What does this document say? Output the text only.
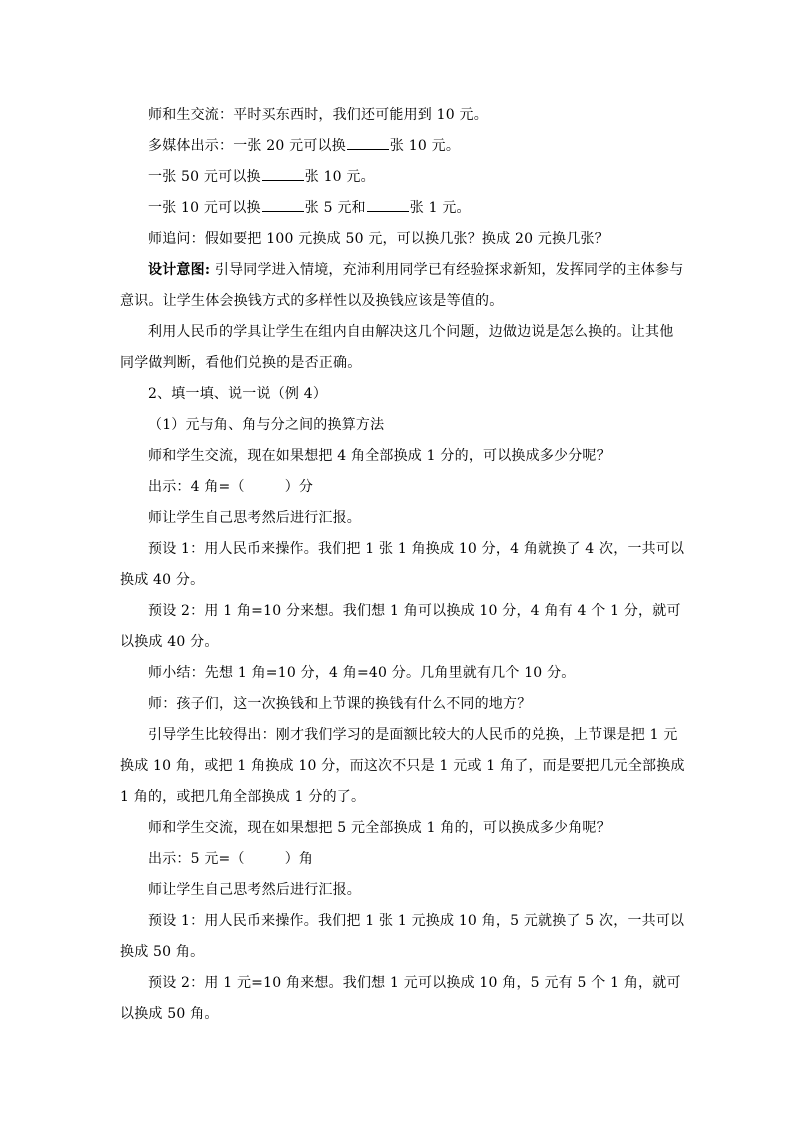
师和生交流：平时买东西时，我们还可能用到 10 元。

多媒体出示：一张 20 元可以换	张 10 元。

一张 50 元可以换	张 10 元。

一张 10 元可以换	张 5 元和	张 1 元。

师追问：假如要把 100 元换成 50 元，可以换几张？换成 20 元换几张？

设计意图: 引导同学进入情境，充沛利用同学已有经验探求新知，发挥同学的主体参与意识。让学生体会换钱方式的多样性以及换钱应该是等值的。

利用人民币的学具让学生在组内自由解决这几个问题，边做边说是怎么换的。让其他同学做判断，看他们兑换的是否正确。

2、填一填、说一说（例 4）

（1）元与角、角与分之间的换算方法

师和学生交流，现在如果想把 4 角全部换成 1 分的，可以换成多少分呢？

出示：4 角=（	）分

师让学生自己思考然后进行汇报。

预设 1：用人民币来操作。我们把 1 张 1 角换成 10 分，4 角就换了 4 次，一共可以换成 40 分。

预设 2：用 1 角=10 分来想。我们想 1 角可以换成 10 分，4 角有 4 个 1 分，就可以换成 40 分。

师小结：先想 1 角=10 分，4 角=40 分。几角里就有几个 10 分。

师：孩子们，这一次换钱和上节课的换钱有什么不同的地方？

引导学生比较得出：刚才我们学习的是面额比较大的人民币的兑换，上节课是把 1 元换成 10 角，或把 1 角换成 10 分，而这次不只是 1 元或 1 角了，而是要把几元全部换成 1 角的，或把几角全部换成 1 分的了。

师和学生交流，现在如果想把 5 元全部换成 1 角的，可以换成多少角呢？

出示：5 元=（	）角

师让学生自己思考然后进行汇报。

预设 1：用人民币来操作。我们把 1 张 1 元换成 10 角，5 元就换了 5 次，一共可以换成 50 角。

预设 2：用 1 元=10 角来想。我们想 1 元可以换成 10 角，5 元有 5 个 1 角，就可以换成 50 角。
